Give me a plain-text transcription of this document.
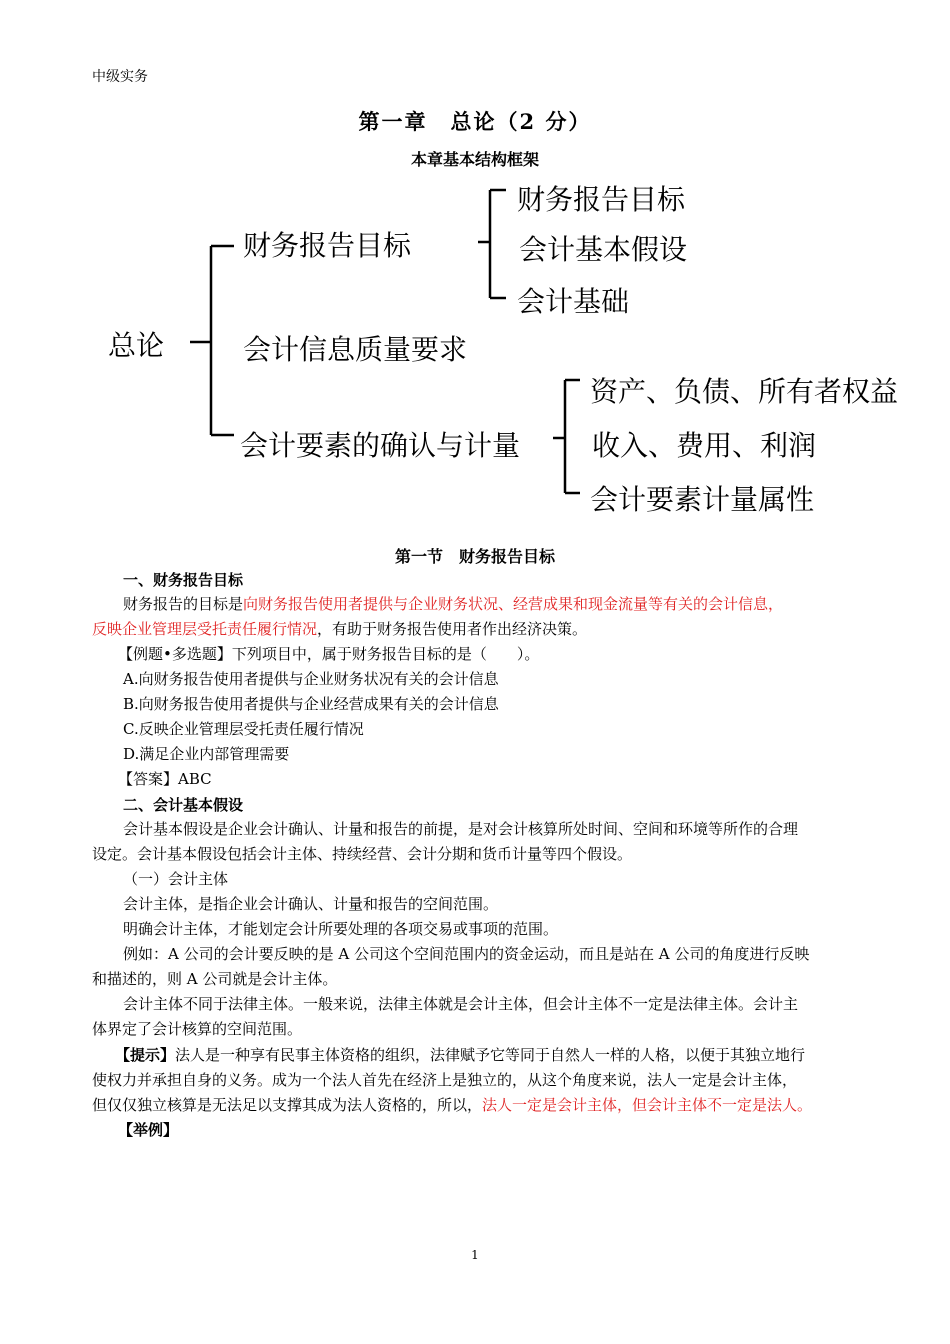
中级实务
第一章　总论（2 分）
本章基本结构框架
总论
财务报告目标
财务报告目标
会计基本假设
会计基础
会计信息质量要求
会计要素的确认与计量
资产、负债、所有者权益
收入、费用、利润
会计要素计量属性
第一节　财务报告目标
一、财务报告目标
财务报告的目标是向财务报告使用者提供与企业财务状况、经营成果和现金流量等有关的会计信息，
反映企业管理层受托责任履行情况，有助于财务报告使用者作出经济决策。
【例题•多选题】下列项目中，属于财务报告目标的是（　　）。
A.向财务报告使用者提供与企业财务状况有关的会计信息
B.向财务报告使用者提供与企业经营成果有关的会计信息
C.反映企业管理层受托责任履行情况
D.满足企业内部管理需要
【答案】ABC
二、会计基本假设
会计基本假设是企业会计确认、计量和报告的前提，是对会计核算所处时间、空间和环境等所作的合理
设定。会计基本假设包括会计主体、持续经营、会计分期和货币计量等四个假设。
（一）会计主体
会计主体，是指企业会计确认、计量和报告的空间范围。
明确会计主体，才能划定会计所要处理的各项交易或事项的范围。
例如：A 公司的会计要反映的是 A 公司这个空间范围内的资金运动，而且是站在 A 公司的角度进行反映
和描述的，则 A 公司就是会计主体。
会计主体不同于法律主体。一般来说，法律主体就是会计主体，但会计主体不一定是法律主体。会计主
体界定了会计核算的空间范围。
【提示】法人是一种享有民事主体资格的组织，法律赋予它等同于自然人一样的人格，以便于其独立地行
使权力并承担自身的义务。成为一个法人首先在经济上是独立的，从这个角度来说，法人一定是会计主体，
但仅仅独立核算是无法足以支撑其成为法人资格的，所以，法人一定是会计主体，但会计主体不一定是法人。
【举例】
1
